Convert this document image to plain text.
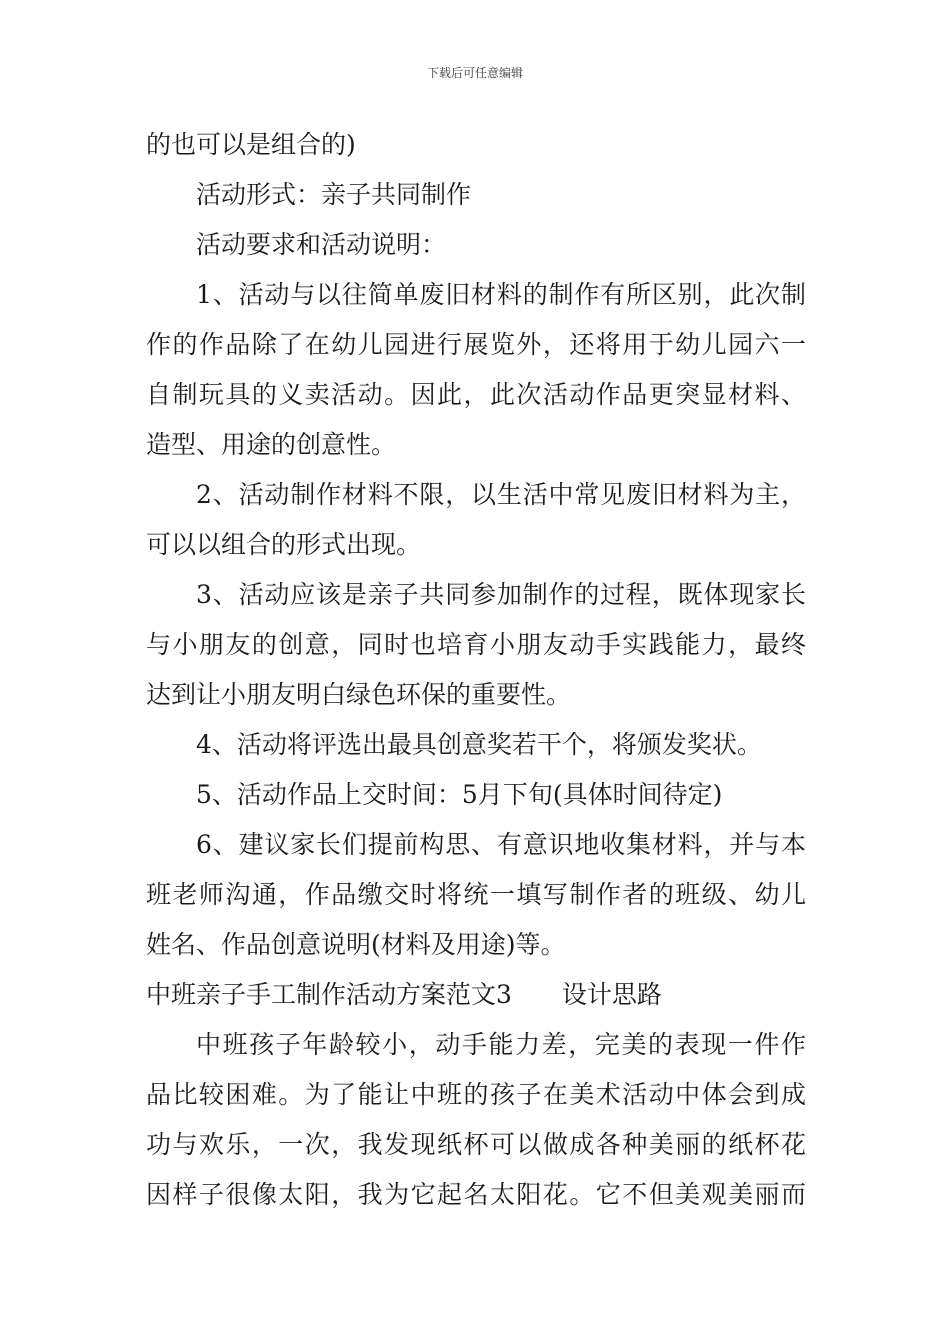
下载后可任意编辑
的也可以是组合的)
活动形式：亲子共同制作
活动要求和活动说明：
1、活动与以往简单废旧材料的制作有所区别，此次制
作的作品除了在幼儿园进行展览外，还将用于幼儿园六一
自制玩具的义卖活动。因此，此次活动作品更突显材料、
造型、用途的创意性。
2、活动制作材料不限，以生活中常见废旧材料为主，
可以以组合的形式出现。
3、活动应该是亲子共同参加制作的过程，既体现家长
与小朋友的创意，同时也培育小朋友动手实践能力，最终
达到让小朋友明白绿色环保的重要性。
4、活动将评选出最具创意奖若干个，将颁发奖状。
5、活动作品上交时间：5月下旬(具体时间待定)
6、建议家长们提前构思、有意识地收集材料，并与本
班老师沟通，作品缴交时将统一填写制作者的班级、幼儿
姓名、作品创意说明(材料及用途)等。
中班亲子手工制作活动方案范文3 设计思路
中班孩子年龄较小，动手能力差，完美的表现一件作
品比较困难。为了能让中班的孩子在美术活动中体会到成
功与欢乐，一次，我发现纸杯可以做成各种美丽的纸杯花
因样子很像太阳，我为它起名太阳花。它不但美观美丽而
